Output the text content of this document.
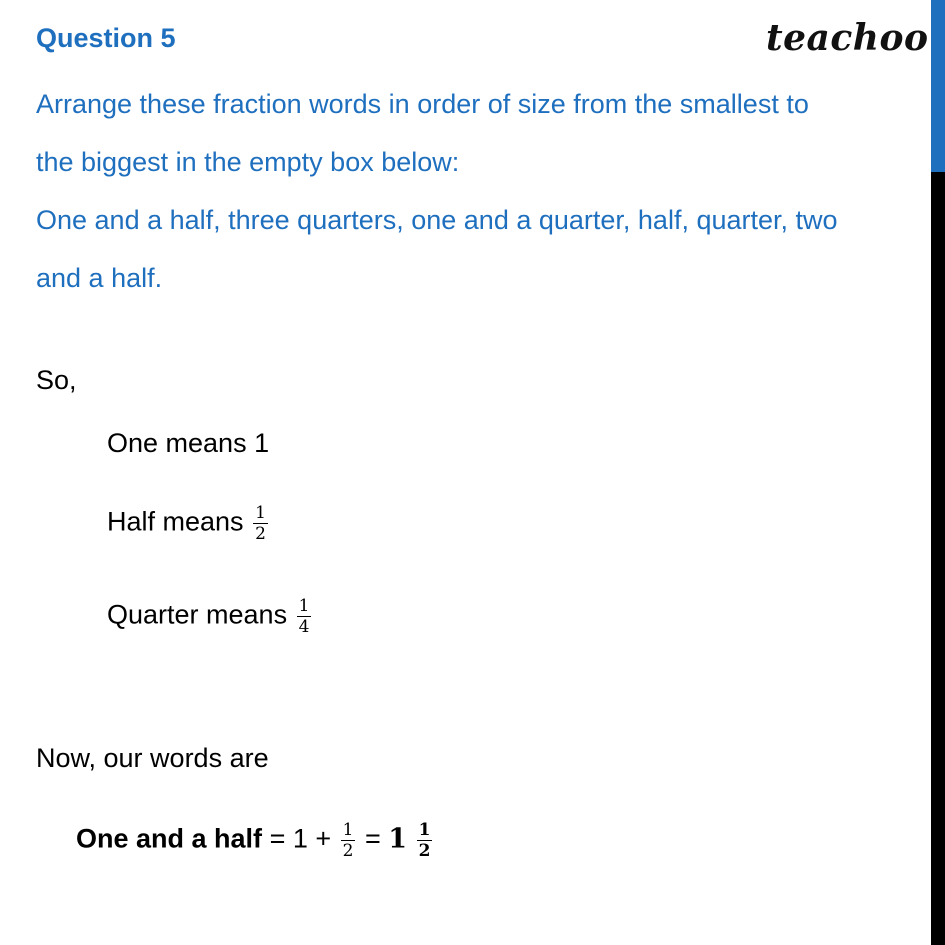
Question 5	teachoo
Arrange these fraction words in order of size from the smallest to
the biggest in the empty box below:
One and a half, three quarters, one and a quarter, half, quarter, two
and a half.
So,
One means 1
Half means $\frac{1}{2}$
Quarter means $\frac{1}{4}$
Now, our words are
One and a half = $1 + \frac{1}{2} = 1 \frac{1}{2}$
